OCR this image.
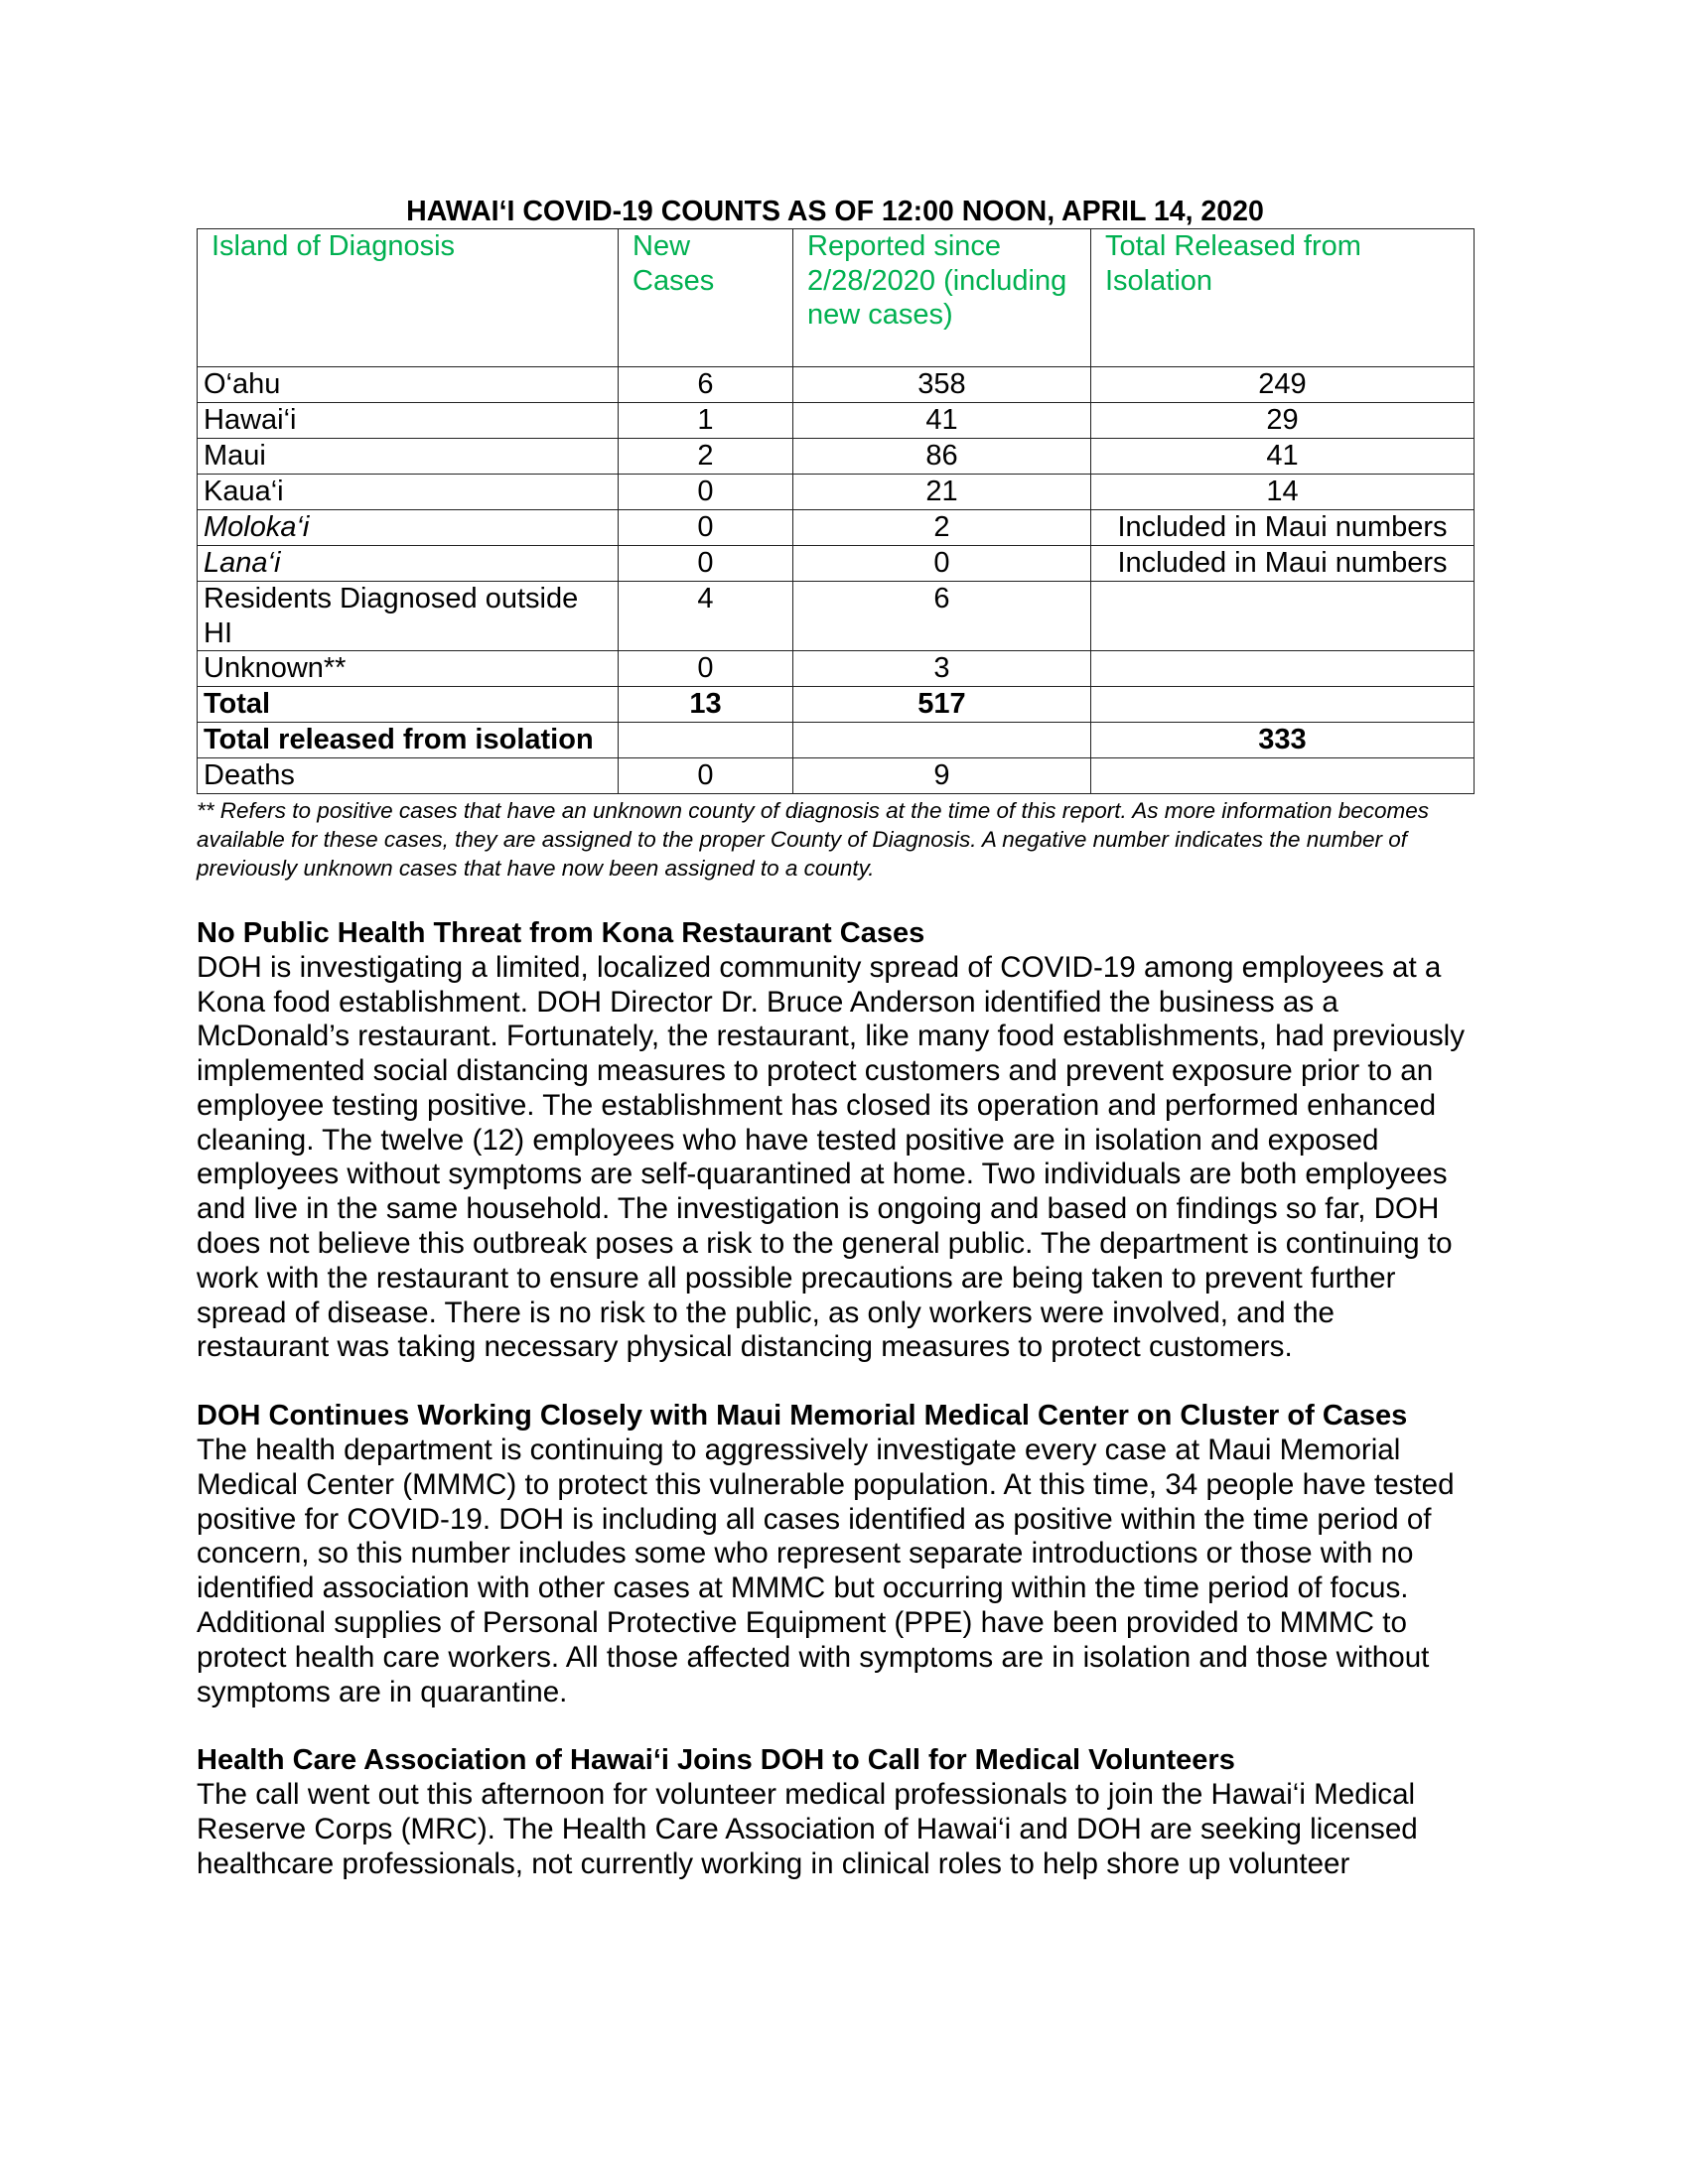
HAWAI‘I COVID-19 COUNTS AS OF 12:00 NOON, APRIL 14, 2020
Island of Diagnosis	New Cases	Reported since 2/28/2020 (including new cases)	Total Released from Isolation
O‘ahu	6	358	249
Hawai‘i	1	41	29
Maui	2	86	41
Kaua‘i	0	21	14
Moloka‘i	0	2	Included in Maui numbers
Lana‘i	0	0	Included in Maui numbers
Residents Diagnosed outside HI	4	6	
Unknown**	0	3	
Total	13	517	
Total released from isolation			333
Deaths	0	9	

** Refers to positive cases that have an unknown county of diagnosis at the time of this report. As more information becomes available for these cases, they are assigned to the proper County of Diagnosis. A negative number indicates the number of previously unknown cases that have now been assigned to a county.

No Public Health Threat from Kona Restaurant Cases

DOH is investigating a limited, localized community spread of COVID-19 among employees at a Kona food establishment. DOH Director Dr. Bruce Anderson identified the business as a McDonald’s restaurant. Fortunately, the restaurant, like many food establishments, had previously implemented social distancing measures to protect customers and prevent exposure prior to an employee testing positive. The establishment has closed its operation and performed enhanced cleaning. The twelve (12) employees who have tested positive are in isolation and exposed employees without symptoms are self-quarantined at home. Two individuals are both employees and live in the same household. The investigation is ongoing and based on findings so far, DOH does not believe this outbreak poses a risk to the general public. The department is continuing to work with the restaurant to ensure all possible precautions are being taken to prevent further spread of disease. There is no risk to the public, as only workers were involved, and the restaurant was taking necessary physical distancing measures to protect customers.

DOH Continues Working Closely with Maui Memorial Medical Center on Cluster of Cases

The health department is continuing to aggressively investigate every case at Maui Memorial Medical Center (MMMC) to protect this vulnerable population. At this time, 34 people have tested positive for COVID-19. DOH is including all cases identified as positive within the time period of concern, so this number includes some who represent separate introductions or those with no identified association with other cases at MMMC but occurring within the time period of focus. Additional supplies of Personal Protective Equipment (PPE) have been provided to MMMC to protect health care workers. All those affected with symptoms are in isolation and those without symptoms are in quarantine.

Health Care Association of Hawai‘i Joins DOH to Call for Medical Volunteers

The call went out this afternoon for volunteer medical professionals to join the Hawai‘i Medical Reserve Corps (MRC). The Health Care Association of Hawai‘i and DOH are seeking licensed healthcare professionals, not currently working in clinical roles to help shore up volunteer
